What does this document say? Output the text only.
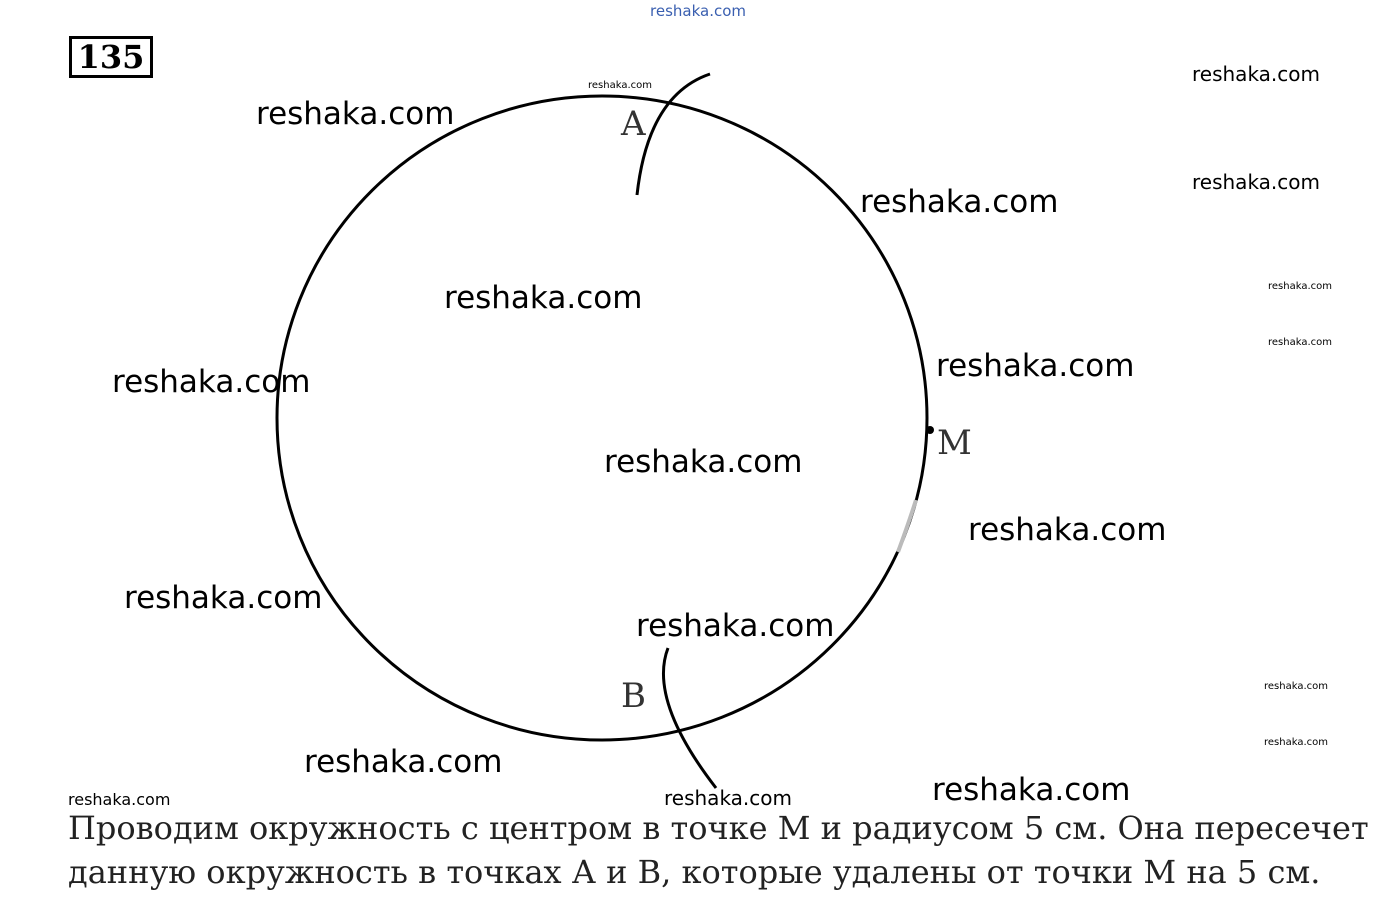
reshaka.com
135
A
M
B
reshaka.com
reshaka.com
reshaka.com
reshaka.com
reshaka.com
reshaka.com	reshaka.com
reshaka.com
reshaka.com
reshaka.com
reshaka.com
reshaka.com
reshaka.com
reshaka.com
reshaka.com
reshaka.com
reshaka.com
reshaka.com
reshaka.com	reshaka.com
Проводим окружность с центром в точке М и радиусом 5 см. Она пересечет
данную окружность в точках А и В, которые удалены от точки М на 5 см.
